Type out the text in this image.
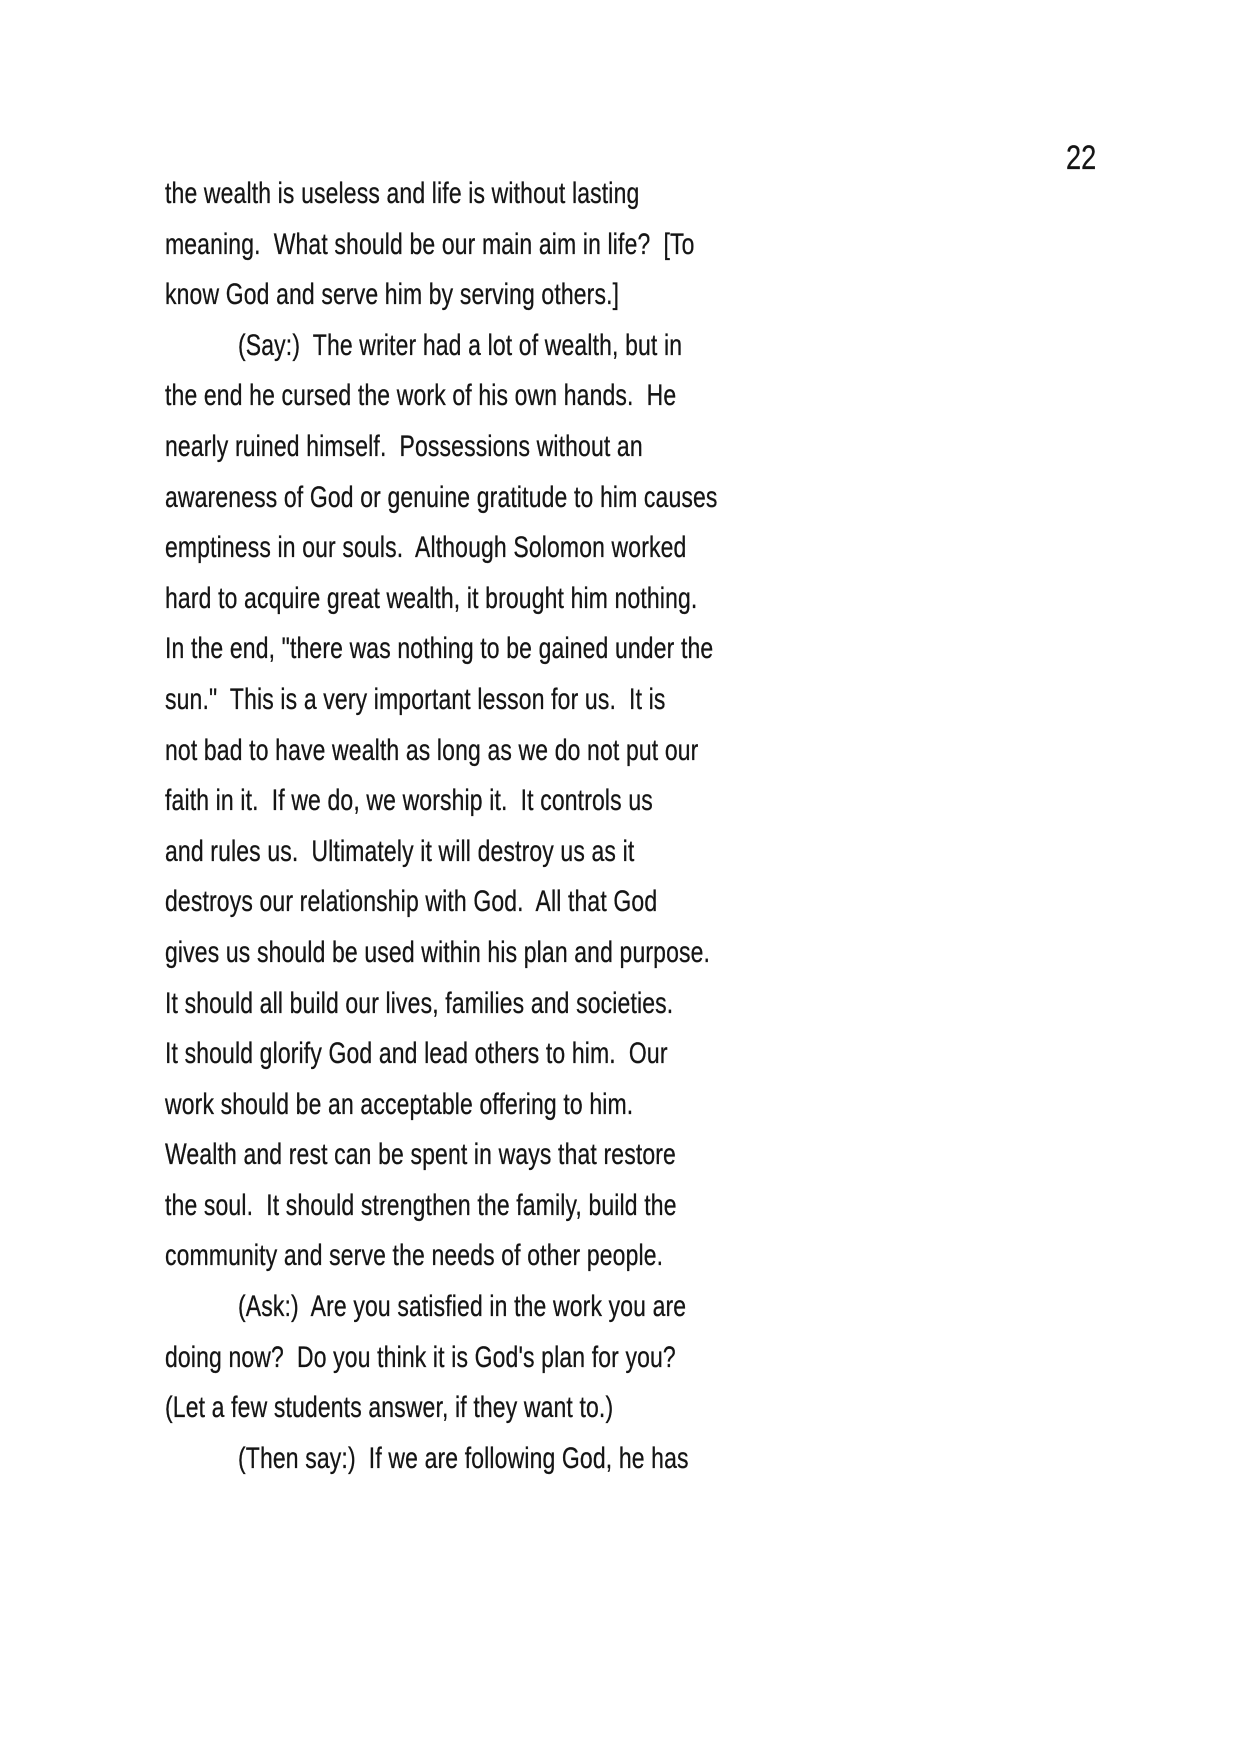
22
the wealth is useless and life is without lasting
meaning.  What should be our main aim in life?  [To
know God and serve him by serving others.]
(Say:)  The writer had a lot of wealth, but in
the end he cursed the work of his own hands.  He
nearly ruined himself.  Possessions without an
awareness of God or genuine gratitude to him causes
emptiness in our souls.  Although Solomon worked
hard to acquire great wealth, it brought him nothing.
In the end, "there was nothing to be gained under the
sun."  This is a very important lesson for us.  It is
not bad to have wealth as long as we do not put our
faith in it.  If we do, we worship it.  It controls us
and rules us.  Ultimately it will destroy us as it
destroys our relationship with God.  All that God
gives us should be used within his plan and purpose.
It should all build our lives, families and societies.
It should glorify God and lead others to him.  Our
work should be an acceptable offering to him.
Wealth and rest can be spent in ways that restore
the soul.  It should strengthen the family, build the
community and serve the needs of other people.
(Ask:)  Are you satisfied in the work you are
doing now?  Do you think it is God's plan for you?
(Let a few students answer, if they want to.)
(Then say:)  If we are following God, he has
